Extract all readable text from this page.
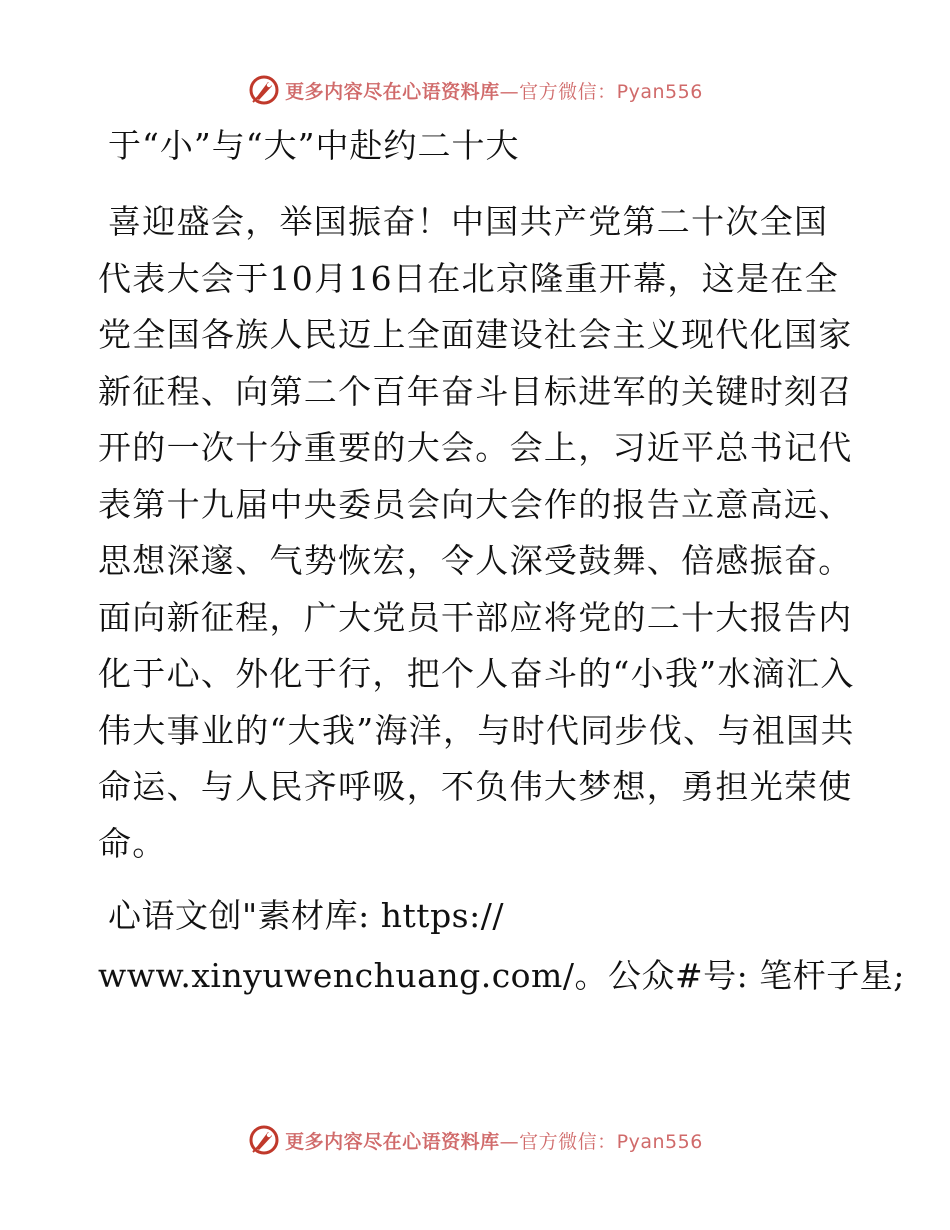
更多内容尽在心语资料库—官方微信：Pyan556
于“小”与“大”中赴约二十大
喜迎盛会，举国振奋！中国共产党第二十次全国代表大会于10月16日在北京隆重开幕，这是在全党全国各族人民迈上全面建设社会主义现代化国家新征程、向第二个百年奋斗目标进军的关键时刻召开的一次十分重要的大会。会上，习近平总书记代表第十九届中央委员会向大会作的报告立意高远、思想深邃、气势恢宏，令人深受鼓舞、倍感振奋。面向新征程，广大党员干部应将党的二十大报告内化于心、外化于行，把个人奋斗的“小我”水滴汇入伟大事业的“大我”海洋，与时代同步伐、与祖国共命运、与人民齐呼吸，不负伟大梦想，勇担光荣使命。
心语文创"素材库: https://
www.xinyuwenchuang.com/。公众#号: 笔杆子星;
更多内容尽在心语资料库—官方微信：Pyan556
